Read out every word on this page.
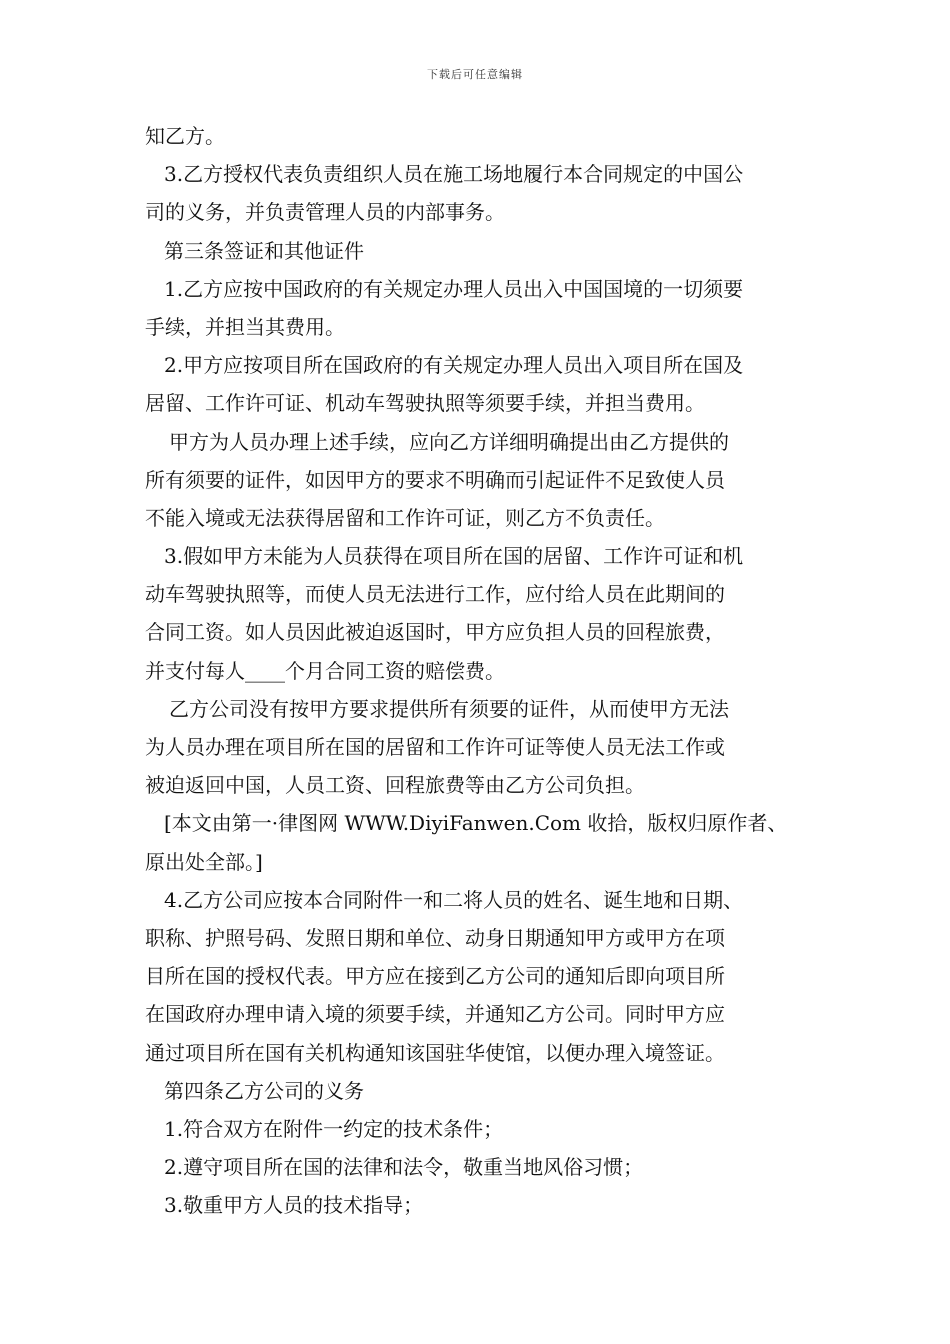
下载后可任意编辑
知乙方。
3.乙方授权代表负责组织人员在施工场地履行本合同规定的中国公
司的义务，并负责管理人员的内部事务。
第三条签证和其他证件
1.乙方应按中国政府的有关规定办理人员出入中国国境的一切须要
手续，并担当其费用。
2.甲方应按项目所在国政府的有关规定办理人员出入项目所在国及
居留、工作许可证、机动车驾驶执照等须要手续，并担当费用。
甲方为人员办理上述手续，应向乙方详细明确提出由乙方提供的
所有须要的证件，如因甲方的要求不明确而引起证件不足致使人员
不能入境或无法获得居留和工作许可证，则乙方不负责任。
3.假如甲方未能为人员获得在项目所在国的居留、工作许可证和机
动车驾驶执照等，而使人员无法进行工作，应付给人员在此期间的
合同工资。如人员因此被迫返国时，甲方应负担人员的回程旅费，
并支付每人____个月合同工资的赔偿费。
乙方公司没有按甲方要求提供所有须要的证件，从而使甲方无法
为人员办理在项目所在国的居留和工作许可证等使人员无法工作或
被迫返回中国，人员工资、回程旅费等由乙方公司负担。
[本文由第一·律图网 WWW.DiyiFanwen.Com 收拾，版权归原作者、
原出处全部。]
4.乙方公司应按本合同附件一和二将人员的姓名、诞生地和日期、
职称、护照号码、发照日期和单位、动身日期通知甲方或甲方在项
目所在国的授权代表。甲方应在接到乙方公司的通知后即向项目所
在国政府办理申请入境的须要手续，并通知乙方公司。同时甲方应
通过项目所在国有关机构通知该国驻华使馆，以便办理入境签证。
第四条乙方公司的义务
1.符合双方在附件一约定的技术条件；
2.遵守项目所在国的法律和法令，敬重当地风俗习惯；
3.敬重甲方人员的技术指导；
